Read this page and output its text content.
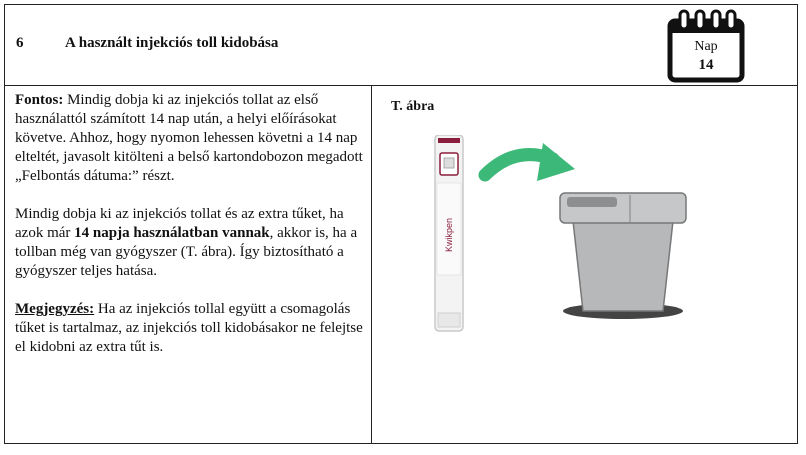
6	A használt injekciós toll kidobása	Nap
14

Fontos: Mindig dobja ki az injekciós tollat az első használattól számított 14 nap után, a helyi előírásokat követve. Ahhoz, hogy nyomon lehessen követni a 14 nap elteltét, javasolt kitölteni a belső kartondobozon megadott „Felbontás dátuma:” részt.

Mindig dobja ki az injekciós tollat és az extra tűket, ha azok már 14 napja használatban vannak, akkor is, ha a tollban még van gyógyszer (T. ábra). Így biztosítható a gyógyszer teljes hatása.

Megjegyzés: Ha az injekciós tollal együtt a csomagolás tűket is tartalmaz, az injekciós toll kidobásakor ne felejtse el kidobni az extra tűt is.

T. ábra
Kwikpen
